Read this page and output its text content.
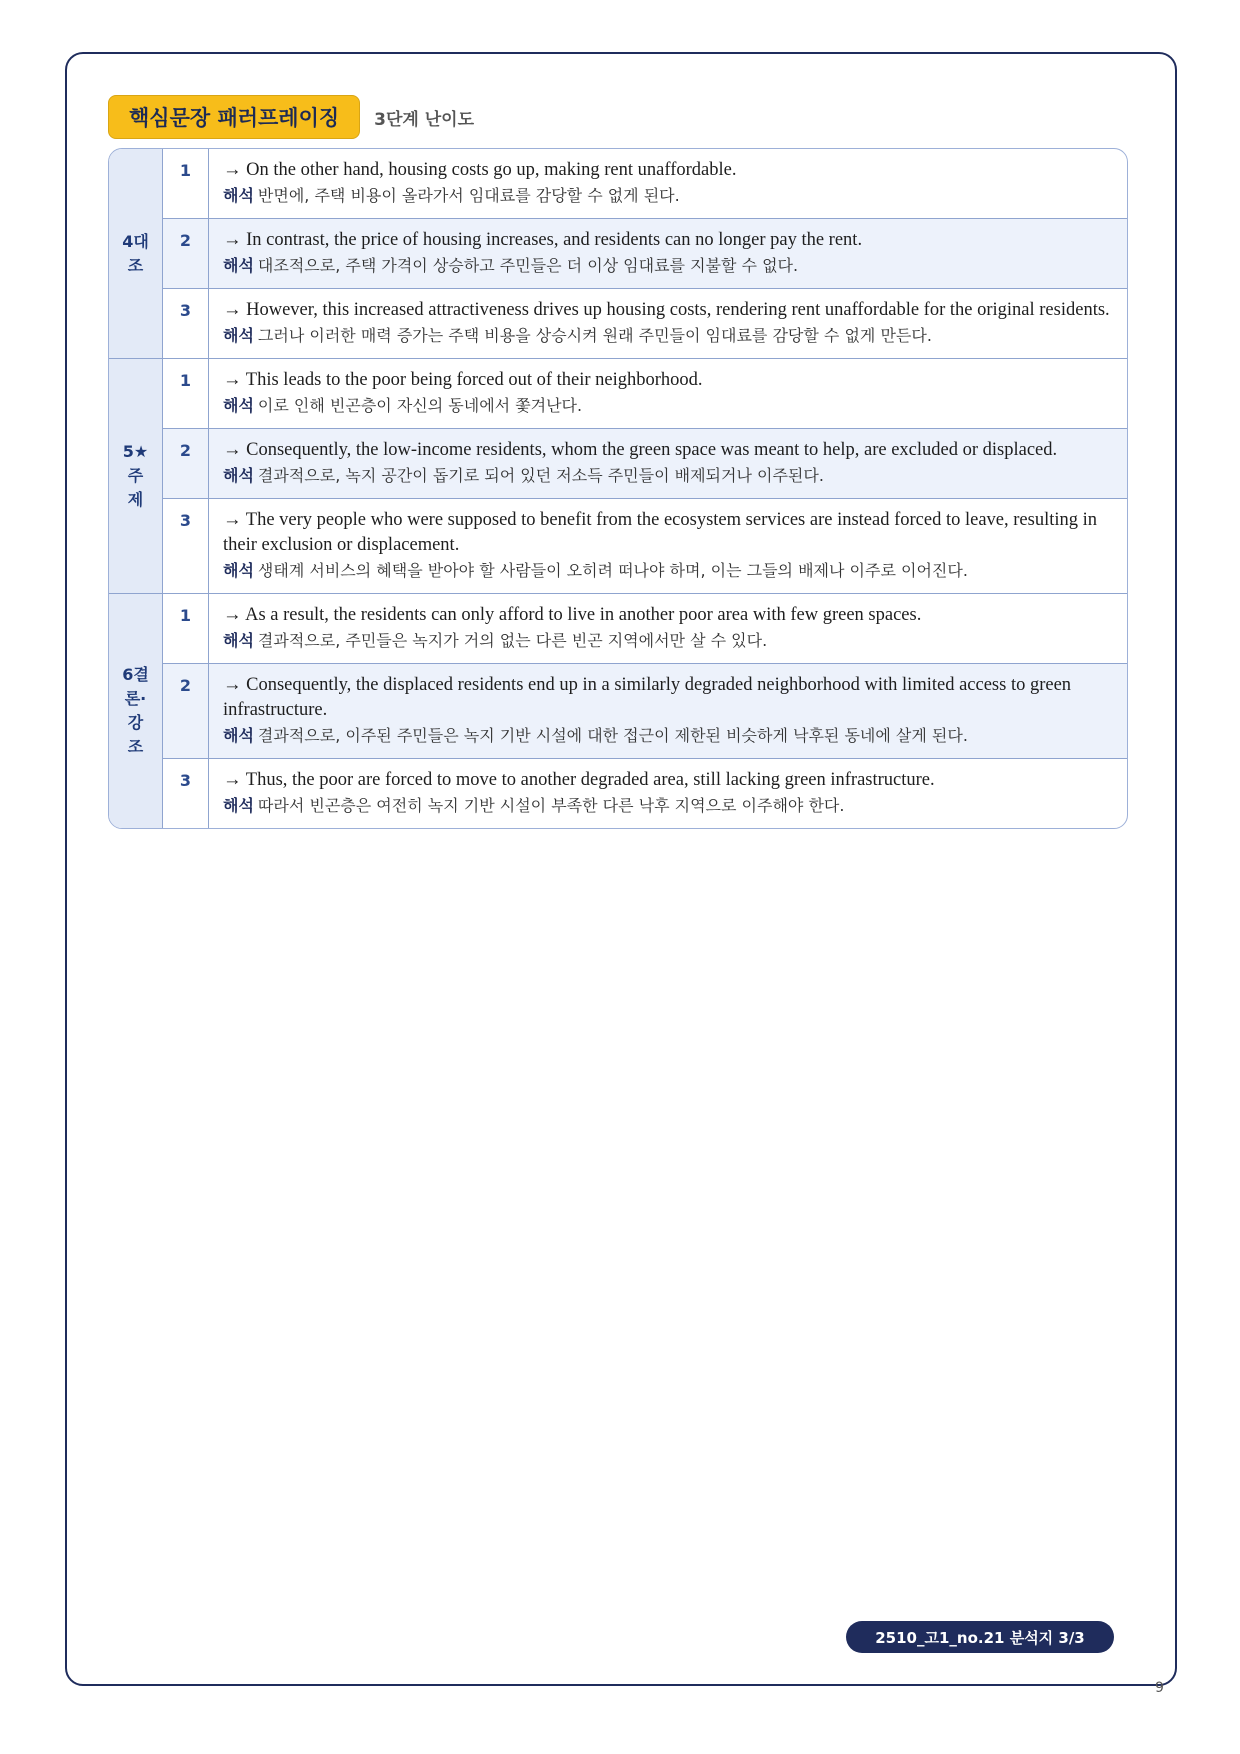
핵심문장 패러프레이징	3단계 난이도
4대조
1	→ On the other hand, housing costs go up, making rent unaffordable.
해석 반면에, 주택 비용이 올라가서 임대료를 감당할 수 없게 된다.
2	→ In contrast, the price of housing increases, and residents can no longer pay the rent.
해석 대조적으로, 주택 가격이 상승하고 주민들은 더 이상 임대료를 지불할 수 없다.
3	→ However, this increased attractiveness drives up housing costs, rendering rent unaffordable for the original residents.
해석 그러나 이러한 매력 증가는 주택 비용을 상승시켜 원래 주민들이 임대료를 감당할 수 없게 만든다.
5★주제
1	→ This leads to the poor being forced out of their neighborhood.
해석 이로 인해 빈곤층이 자신의 동네에서 쫓겨난다.
2	→ Consequently, the low-income residents, whom the green space was meant to help, are excluded or displaced.
해석 결과적으로, 녹지 공간이 돕기로 되어 있던 저소득 주민들이 배제되거나 이주된다.
3	→ The very people who were supposed to benefit from the ecosystem services are instead forced to leave, resulting in their exclusion or displacement.
해석 생태계 서비스의 혜택을 받아야 할 사람들이 오히려 떠나야 하며, 이는 그들의 배제나 이주로 이어진다.
6결론·강조
1	→ As a result, the residents can only afford to live in another poor area with few green spaces.
해석 결과적으로, 주민들은 녹지가 거의 없는 다른 빈곤 지역에서만 살 수 있다.
2	→ Consequently, the displaced residents end up in a similarly degraded neighborhood with limited access to green infrastructure.
해석 결과적으로, 이주된 주민들은 녹지 기반 시설에 대한 접근이 제한된 비슷하게 낙후된 동네에 살게 된다.
3	→ Thus, the poor are forced to move to another degraded area, still lacking green infrastructure.
해석 따라서 빈곤층은 여전히 녹지 기반 시설이 부족한 다른 낙후 지역으로 이주해야 한다.
2510_고1_no.21 분석지 3/3
9
